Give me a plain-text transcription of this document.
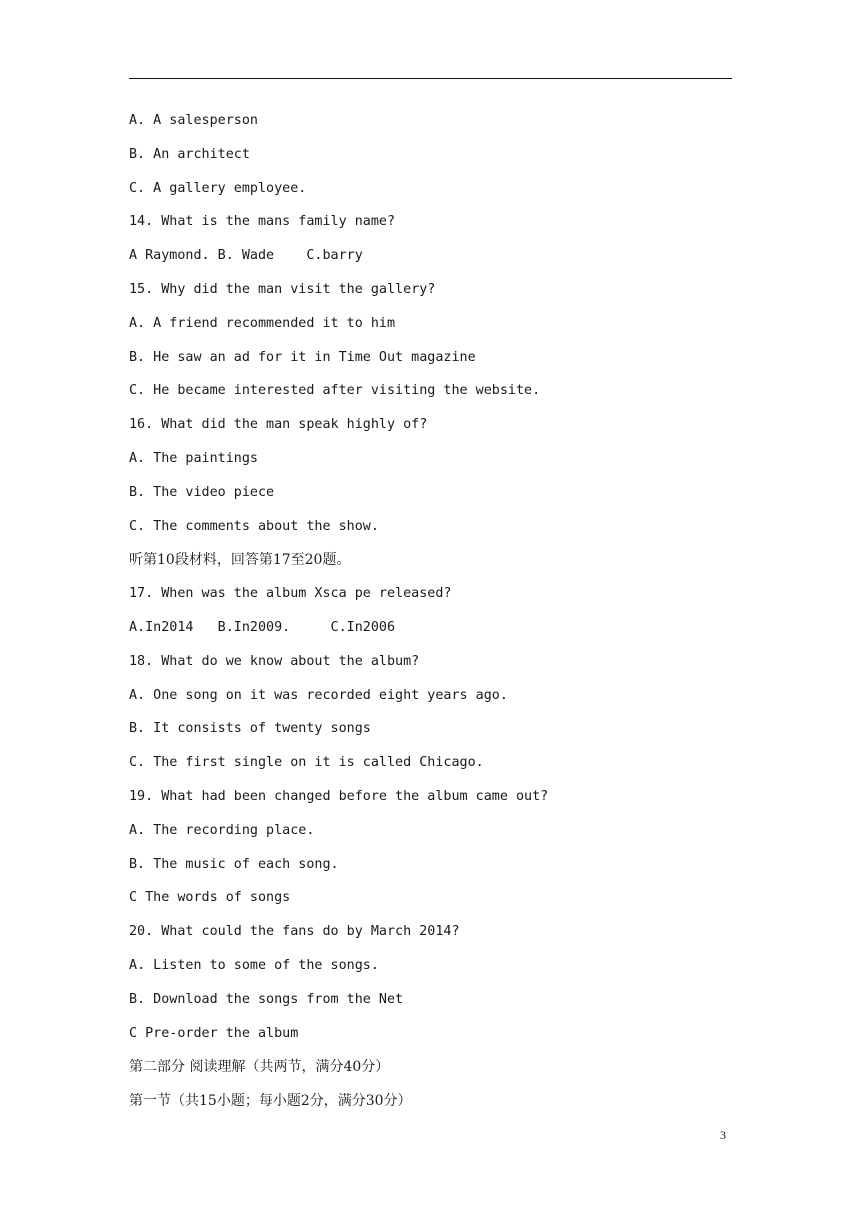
A. A salesperson
B. An architect
C. A gallery employee.
14. What is the mans family name?
A Raymond. B. Wade    C.barry
15. Why did the man visit the gallery?
A. A friend recommended it to him
B. He saw an ad for it in Time Out magazine
C. He became interested after visiting the website.
16. What did the man speak highly of?
A. The paintings
B. The video piece
C. The comments about the show.
听第10段材料，回答第17至20题。
17. When was the album Xsca pe released?
A.In2014   B.In2009.     C.In2006
18. What do we know about the album?
A. One song on it was recorded eight years ago.
B. It consists of twenty songs
C. The first single on it is called Chicago.
19. What had been changed before the album came out?
A. The recording place.
B. The music of each song.
C The words of songs
20. What could the fans do by March 2014?
A. Listen to some of the songs.
B. Download the songs from the Net
C Pre-order the album
第二部分 阅读理解（共两节，满分40分）
第一节（共15小题；每小题2分，满分30分）
3
